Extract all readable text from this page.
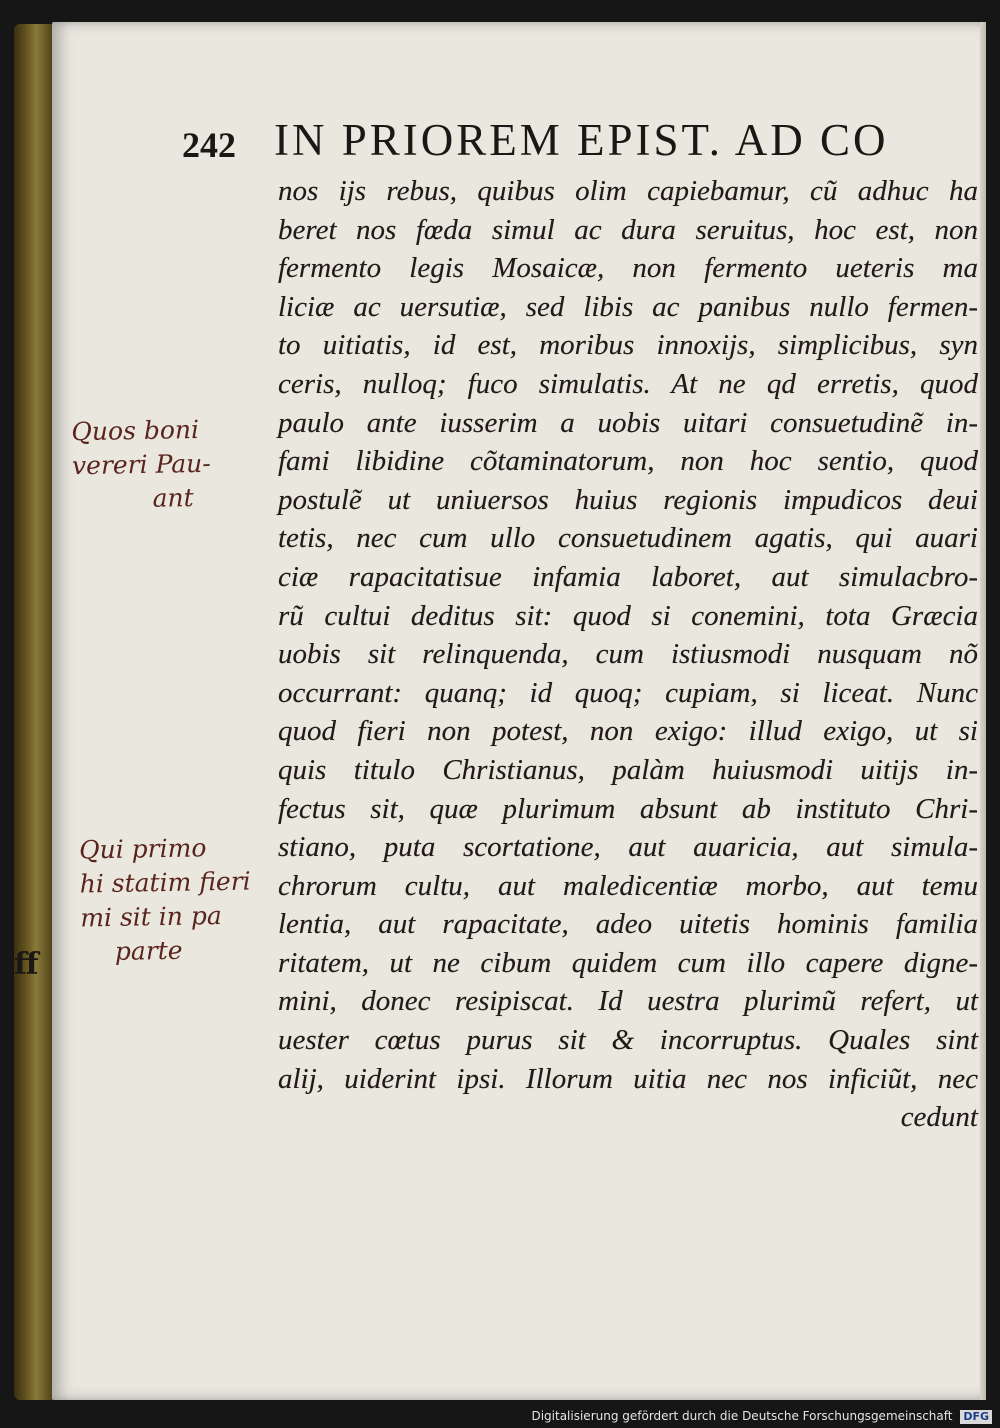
242 IN PRIOREM EPIST. AD CO
nos ijs rebus, quibus olim capiebamur, cũ adhuc ha
beret nos fœda simul ac dura seruitus, hoc est, non
fermento legis Mosaicæ, non fermento ueteris ma
liciæ ac uersutiæ, sed libis ac panibus nullo fermen-
to uitiatis, id est, moribus innoxijs, simplicibus, syn
ceris, nulloq; fuco simulatis. At ne qd erretis, quod
paulo ante iusserim a uobis uitari consuetudinẽ in-
fami libidine cõtaminatorum, non hoc sentio, quod
postulẽ ut uniuersos huius regionis impudicos deui
tetis, nec cum ullo consuetudinem agatis, qui auari
ciæ rapacitatisue infamia laboret, aut simulacbro-
rũ cultui deditus sit: quod si conemini, tota Græcia
uobis sit relinquenda, cum istiusmodi nusquam nõ
occurrant: quanq; id quoq; cupiam, si liceat. Nunc
quod fieri non potest, non exigo: illud exigo, ut si
quis titulo Christianus, palàm huiusmodi uitijs in-
fectus sit, quæ plurimum absunt ab instituto Chri-
stiano, puta scortatione, aut auaricia, aut simula-
chrorum cultu, aut maledicentiæ morbo, aut temu
lentia, aut rapacitate, adeo uitetis hominis familia
ritatem, ut ne cibum quidem cum illo capere digne-
mini, donec resipiscat. Id uestra plurimũ refert, ut
uester cœtus purus sit & incorruptus. Quales sint
alij, uiderint ipsi. Illorum uitia nec nos inficiũt, nec
cedunt
Quos boni
vereri Pau-
ant
Qui primo
hi statim fieri
mi sit in pa
parte
ff
Digitalisierung gefördert durch die Deutsche Forschungsgemeinschaft DFG
